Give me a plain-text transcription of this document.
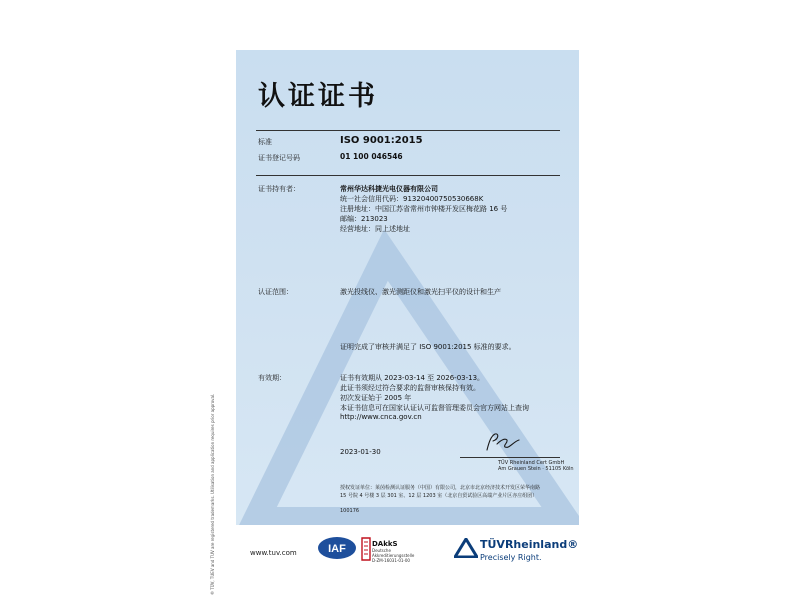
认证证书
标准	ISO 9001:2015
证书登记号码	01 100 046546
证书持有者：	常州华达科捷光电仪器有限公司
统一社会信用代码：91320400750530668K
注册地址：中国江苏省常州市钟楼开发区梅花路 16 号
邮编：213023
经营地址：同上述地址
认证范围：	激光投线仪、激光测距仪和激光扫平仪的设计和生产
证明完成了审核并满足了 ISO 9001:2015 标准的要求。
有效期：	证书有效期从 2023-03-14 至 2026-03-13。
此证书须经过符合要求的监督审核保持有效。
初次发证始于 2005 年
本证书信息可在国家认证认可监督管理委员会官方网站上查询
http://www.cnca.gov.cn
2023-01-30
TÜV Rheinland Cert GmbH
Am Grauen Stein · 51105 Köln
授权发证单位：莱茵检测认证服务（中国）有限公司，北京市北京经济技术开发区荣华南路
15 号院 4 号楼 3 层 301 室、12 层 1203 室（北京自贸试验区高端产业片区亦庄组团）
100176
www.tuv.com	IAF	DAkkS
Deutsche
Akkreditierungsstelle
D-ZM-16031-01-00
TÜVRheinland®
Precisely Right.
® TÜV, TUEV and TUV are registered trademarks. Utilisation and application requires prior approval.
